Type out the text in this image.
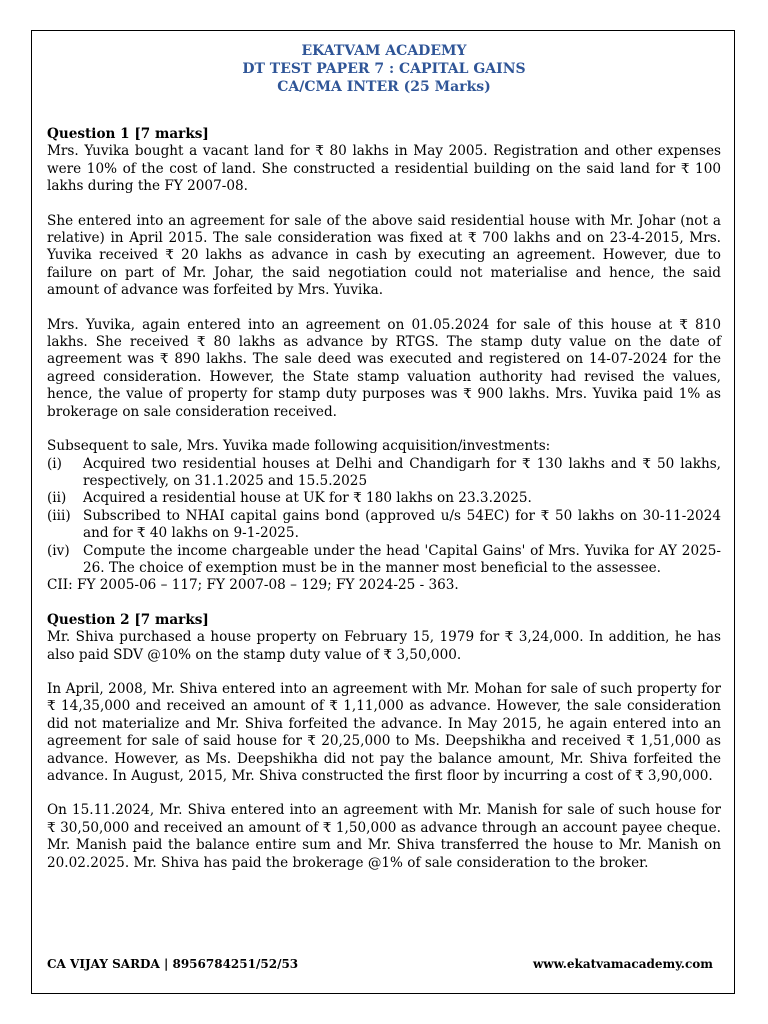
EKATVAM ACADEMY
DT TEST PAPER 7 : CAPITAL GAINS
CA/CMA INTER (25 Marks)
Question 1 [7 marks]

Mrs. Yuvika bought a vacant land for ₹ 80 lakhs in May 2005. Registration and other expenses were 10% of the cost of land. She constructed a residential building on the said land for ₹ 100 lakhs during the FY 2007-08.

She entered into an agreement for sale of the above said residential house with Mr. Johar (not a relative) in April 2015. The sale consideration was fixed at ₹ 700 lakhs and on 23-4-2015, Mrs. Yuvika received ₹ 20 lakhs as advance in cash by executing an agreement. However, due to failure on part of Mr. Johar, the said negotiation could not materialise and hence, the said amount of advance was forfeited by Mrs. Yuvika.

Mrs. Yuvika, again entered into an agreement on 01.05.2024 for sale of this house at ₹ 810 lakhs. She received ₹ 80 lakhs as advance by RTGS. The stamp duty value on the date of agreement was ₹ 890 lakhs. The sale deed was executed and registered on 14-07-2024 for the agreed consideration. However, the State stamp valuation authority had revised the values, hence, the value of property for stamp duty purposes was ₹ 900 lakhs. Mrs. Yuvika paid 1% as brokerage on sale consideration received.

Subsequent to sale, Mrs. Yuvika made following acquisition/investments:

(i)	Acquired two residential houses at Delhi and Chandigarh for ₹ 130 lakhs and ₹ 50 lakhs, respectively, on 31.1.2025 and 15.5.2025
(ii)	Acquired a residential house at UK for ₹ 180 lakhs on 23.3.2025.
(iii) Subscribed to NHAI capital gains bond (approved u/s 54EC) for ₹ 50 lakhs on 30-11-2024 and for ₹ 40 lakhs on 9-1-2025.
(iv) Compute the income chargeable under the head 'Capital Gains' of Mrs. Yuvika for AY 2025-26. The choice of exemption must be in the manner most beneficial to the assessee.

CII: FY 2005-06 – 117; FY 2007-08 – 129; FY 2024-25 - 363.

Question 2 [7 marks]

Mr. Shiva purchased a house property on February 15, 1979 for ₹ 3,24,000. In addition, he has also paid SDV @10% on the stamp duty value of ₹ 3,50,000.

In April, 2008, Mr. Shiva entered into an agreement with Mr. Mohan for sale of such property for ₹ 14,35,000 and received an amount of ₹ 1,11,000 as advance. However, the sale consideration did not materialize and Mr. Shiva forfeited the advance. In May 2015, he again entered into an agreement for sale of said house for ₹ 20,25,000 to Ms. Deepshikha and received ₹ 1,51,000 as advance. However, as Ms. Deepshikha did not pay the balance amount, Mr. Shiva forfeited the advance. In August, 2015, Mr. Shiva constructed the first floor by incurring a cost of ₹ 3,90,000.

On 15.11.2024, Mr. Shiva entered into an agreement with Mr. Manish for sale of such house for ₹ 30,50,000 and received an amount of ₹ 1,50,000 as advance through an account payee cheque. Mr. Manish paid the balance entire sum and Mr. Shiva transferred the house to Mr. Manish on 20.02.2025. Mr. Shiva has paid the brokerage @1% of sale consideration to the broker.

CA VIJAY SARDA | 8956784251/52/53	www.ekatvamacademy.com
